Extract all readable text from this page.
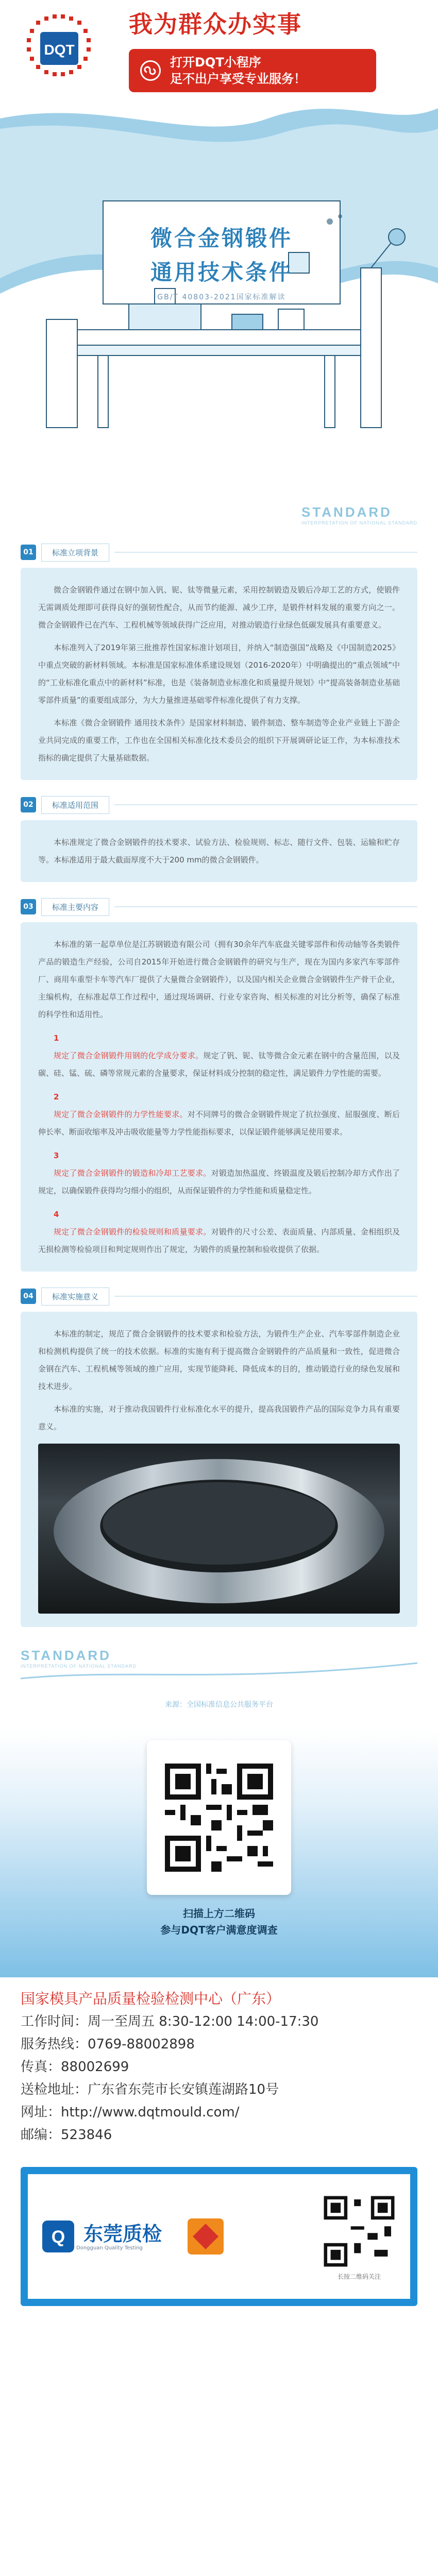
DQT
我为群众办实事
打开DQT小程序
足不出户享受专业服务！
微合金钢锻件
通用技术条件
GB/T 40803-2021国家标准解读
STANDARD
INTERPRETATION OF NATIONAL STANDARD
01	标准立项背景

微合金钢锻件通过在钢中加入钒、铌、钛等微量元素，采用控制锻造及锻后冷却工艺的方式，使锻件无需调质处理即可获得良好的强韧性配合，从而节约能源、减少工序，是锻件材料发展的重要方向之一。微合金钢锻件已在汽车、工程机械等领域获得广泛应用，对推动锻造行业绿色低碳发展具有重要意义。

本标准列入了2019年第三批推荐性国家标准计划项目，并纳入“制造强国”战略及《中国制造2025》中重点突破的新材料领域。本标准是国家标准体系建设规划（2016-2020年）中明确提出的“重点领域”中的“工业标准化重点中的新材料”标准，也是《装备制造业标准化和质量提升规划》中“提高装备制造业基础零部件质量”的重要组成部分，为大力量推进基础零件标准化提供了有力支撑。

本标准《微合金钢锻件 通用技术条件》是国家材料制造、锻件制造、整车制造等企业产业链上下游企业共同完成的重要工作，工作也在全国相关标准化技术委员会的组织下开展调研论证工作，为本标准技术指标的确定提供了大量基础数据。

02	标准适用范围

本标准规定了微合金钢锻件的技术要求、试验方法、检验规则、标志、随行文件、包装、运输和贮存等。本标准适用于最大截面厚度不大于200 mm的微合金钢锻件。

03	标准主要内容

本标准的第一起草单位是江苏钢锻造有限公司（拥有30余年汽车底盘关键零部件和传动轴等各类锻件产品的锻造生产经验，公司自2015年开始进行微合金钢锻件的研究与生产，现在为国内多家汽车零部件厂、商用车重型卡车等汽车厂提供了大量微合金钢锻件），以及国内相关企业微合金钢锻件生产骨干企业，主编机构，在标准起草工作过程中，通过现场调研、行业专家咨询、相关标准的对比分析等，确保了标准的科学性和适用性。

1

规定了微合金钢锻件用钢的化学成分要求。规定了钒、铌、钛等微合金元素在钢中的含量范围，以及碳、硅、锰、硫、磷等常规元素的含量要求，保证材料成分控制的稳定性，满足锻件力学性能的需要。

2

规定了微合金钢锻件的力学性能要求。对不同牌号的微合金钢锻件规定了抗拉强度、屈服强度、断后伸长率、断面收缩率及冲击吸收能量等力学性能指标要求，以保证锻件能够满足使用要求。

3

规定了微合金钢锻件的锻造和冷却工艺要求。对锻造加热温度、终锻温度及锻后控制冷却方式作出了规定，以确保锻件获得均匀细小的组织，从而保证锻件的力学性能和质量稳定性。

4

规定了微合金钢锻件的检验规则和质量要求。对锻件的尺寸公差、表面质量、内部质量、金相组织及无损检测等检验项目和判定规则作出了规定，为锻件的质量控制和验收提供了依据。

04	标准实施意义

本标准的制定，规范了微合金钢锻件的技术要求和检验方法，为锻件生产企业、汽车零部件制造企业和检测机构提供了统一的技术依据。标准的实施有利于提高微合金钢锻件的产品质量和一致性，促进微合金钢在汽车、工程机械等领域的推广应用，实现节能降耗、降低成本的目的，推动锻造行业的绿色发展和技术进步。

本标准的实施，对于推动我国锻件行业标准化水平的提升，提高我国锻件产品的国际竞争力具有重要意义。

STANDARD
INTERPRETATION OF NATIONAL STANDARD
来源：全国标准信息公共服务平台
扫描上方二维码
参与DQT客户满意度调查
国家模具产品质量检验检测中心（广东）
工作时间：周一至周五 8:30-12:00 14:00-17:30
服务热线：0769-88002898
传真：88002699
送检地址：广东省东莞市长安镇莲湖路10号
网址：http://www.dqtmould.com/
邮编：523846
Q 东莞质检
Dongguan Quality Testing
长按二维码关注
